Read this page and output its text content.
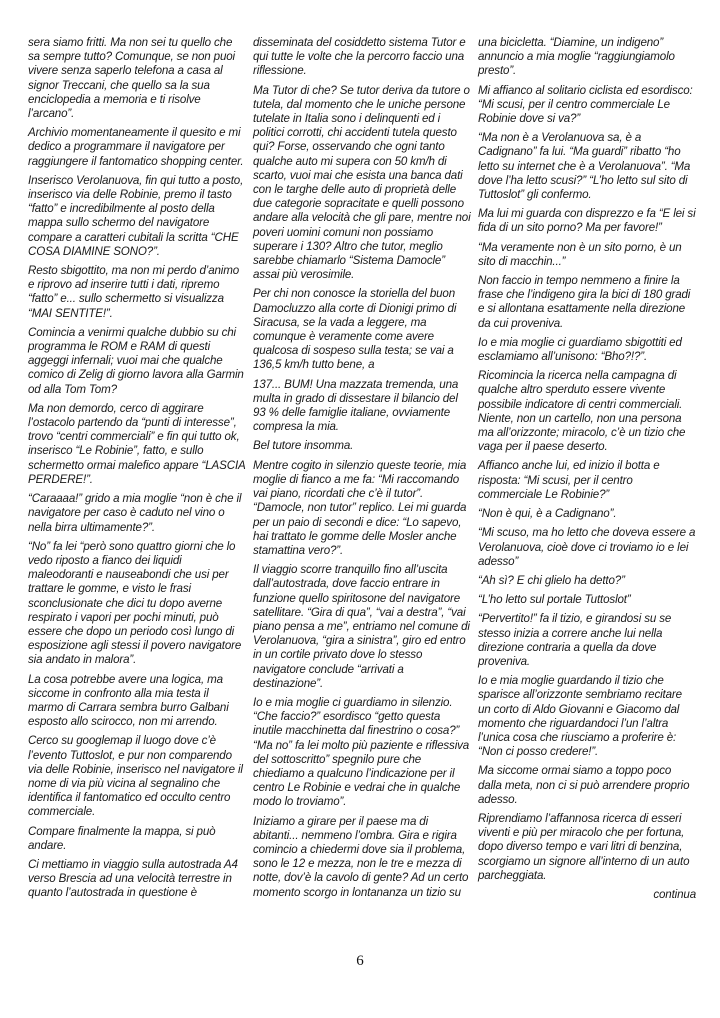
sera siamo fritti. Ma non sei tu quello che sa sempre tutto? Comunque, se non puoi vivere senza saperlo telefona a casa al signor Treccani, che quello sa la sua enciclopedia a memoria e ti risolve l’arcano”.

Archivio momentaneamente il quesito e mi dedico a programmare il navigatore per raggiungere il fantomatico shopping center.

Inserisco Verolanuova, fin qui tutto a posto, inserisco via delle Robinie, premo il tasto “fatto” e incredibilmente al posto della mappa sullo schermo del navigatore compare a caratteri cubitali la scritta “CHE COSA DIAMINE SONO?”.

Resto sbigottito, ma non mi perdo d’animo e riprovo ad inserire tutti i dati, ripremo “fatto” e... sullo schermetto si visualizza “MAI SENTITE!”.

Comincia a venirmi qualche dubbio su chi programma le ROM e RAM di questi aggeggi infernali; vuoi mai che qualche comico di Zelig di giorno lavora alla Garmin od alla Tom Tom?

Ma non demordo, cerco di aggirare l’ostacolo partendo da “punti di interesse”, trovo “centri commerciali” e fin qui tutto ok, inserisco “Le Robinie”, fatto, e sullo schermetto ormai malefico appare “LASCIA PERDERE!”.

“Caraaaa!” grido a mia moglie “non è che il navigatore per caso è caduto nel vino o nella birra ultimamente?”.

“No” fa lei “però sono quattro giorni che lo vedo riposto a fianco dei liquidi maleodoranti e nauseabondi che usi per trattare le gomme, e visto le frasi sconclusionate che dici tu dopo averne respirato i vapori per pochi minuti, può essere che dopo un periodo così lungo di esposizione agli stessi il povero navigatore sia andato in malora”.

La cosa potrebbe avere una logica, ma siccome in confronto alla mia testa il marmo di Carrara sembra burro Galbani esposto allo scirocco, non mi arrendo.

Cerco su googlemap il luogo dove c’è l’evento Tuttoslot, e pur non comparendo via delle Robinie, inserisco nel navigatore il nome di via più vicina al segnalino che identifica il fantomatico ed occulto centro commerciale.

Compare finalmente la mappa, si può andare.

Ci mettiamo in viaggio sulla autostrada A4 verso Brescia ad una velocità terrestre in quanto l’autostrada in questione è

disseminata del cosiddetto sistema Tutor e qui tutte le volte che la percorro faccio una riflessione.

Ma Tutor di che? Se tutor deriva da tutore o tutela, dal momento che le uniche persone tutelate in Italia sono i delinquenti ed i politici corrotti, chi accidenti tutela questo qui? Forse, osservando che ogni tanto qualche auto mi supera con 50 km/h di scarto, vuoi mai che esista una banca dati con le targhe delle auto di proprietà delle due categorie sopracitate e quelli possono andare alla velocità che gli pare, mentre noi poveri uomini comuni non possiamo superare i 130? Altro che tutor, meglio sarebbe chiamarlo “Sistema Damocle” assai più verosimile.

Per chi non conosce la storiella del buon Damocluzzo alla corte di Dionigi primo di Siracusa, se la vada a leggere, ma comunque è veramente come avere qualcosa di sospeso sulla testa; se vai a 136,5 km/h tutto bene, a

137... BUM! Una mazzata tremenda, una multa in grado di dissestare il bilancio del 93 % delle famiglie italiane, ovviamente compresa la mia.

Bel tutore insomma.

Mentre cogito in silenzio queste teorie, mia moglie di fianco a me fa: “Mi raccomando vai piano, ricordati che c’è il tutor”. “Damocle, non tutor” replico. Lei mi guarda per un paio di secondi e dice: “Lo sapevo, hai trattato le gomme delle Mosler anche stamattina vero?”.

Il viaggio scorre tranquillo fino all’uscita dall’autostrada, dove faccio entrare in funzione quello spiritosone del navigatore satellitare. “Gira di qua”, “vai a destra”, “vai piano pensa a me”, entriamo nel comune di Verolanuova, “gira a sinistra”, giro ed entro in un cortile privato dove lo stesso navigatore conclude “arrivati a destinazione”.

Io e mia moglie ci guardiamo in silenzio. “Che faccio?” esordisco “getto questa inutile macchinetta dal finestrino o cosa?” “Ma no” fa lei molto più paziente e riflessiva del sottoscritto” spegnilo pure che chiediamo a qualcuno l’indicazione per il centro Le Robinie e vedrai che in qualche modo lo troviamo”.

Iniziamo a girare per il paese ma di abitanti... nemmeno l’ombra. Gira e rigira comincio a chiedermi dove sia il problema, sono le 12 e mezza, non le tre e mezza di notte, dov’è la cavolo di gente? Ad un certo momento scorgo in lontananza un tizio su

una bicicletta. “Diamine, un indigeno” annuncio a mia moglie “raggiungiamolo presto”.

Mi affianco al solitario ciclista ed esordisco: “Mi scusi, per il centro commerciale Le Robinie dove si va?”

“Ma non è a Verolanuova sa, è a Cadignano” fa lui. “Ma guardi” ribatto “ho letto su internet che è a Verolanuova”. “Ma dove l’ha letto scusi?” “L’ho letto sul sito di Tuttoslot” gli confermo.

Ma lui mi guarda con disprezzo e fa “E lei si fida di un sito porno? Ma per favore!”

“Ma veramente non è un sito porno, è un sito di macchin...”

Non faccio in tempo nemmeno a finire la frase che l’indigeno gira la bici di 180 gradi e si allontana esattamente nella direzione da cui proveniva.

Io e mia moglie ci guardiamo sbigottiti ed esclamiamo all’unisono: “Bho?!?”.

Ricomincia la ricerca nella campagna di qualche altro sperduto essere vivente possibile indicatore di centri commerciali. Niente, non un cartello, non una persona ma all’orizzonte; miracolo, c’è un tizio che vaga per il paese deserto.

Affianco anche lui, ed inizio il botta e risposta: “Mi scusi, per il centro commerciale Le Robinie?”

“Non è qui, è a Cadignano”.

“Mi scuso, ma ho letto che doveva essere a Verolanuova, cioè dove ci troviamo io e lei adesso”

“Ah sì? E chi glielo ha detto?”

“L’ho letto sul portale Tuttoslot”

“Pervertito!” fa il tizio, e girandosi su se stesso inizia a correre anche lui nella direzione contraria a quella da dove proveniva.

Io e mia moglie guardando il tizio che sparisce all’orizzonte sembriamo recitare un corto di Aldo Giovanni e Giacomo dal momento che riguardandoci l’un l’altra l’unica cosa che riusciamo a proferire è: “Non ci posso credere!”.

Ma siccome ormai siamo a toppo poco dalla meta, non ci si può arrendere proprio adesso.

Riprendiamo l’affannosa ricerca di esseri viventi e più per miracolo che per fortuna, dopo diverso tempo e vari litri di benzina, scorgiamo un signore all’interno di un auto parcheggiata.

continua
6
